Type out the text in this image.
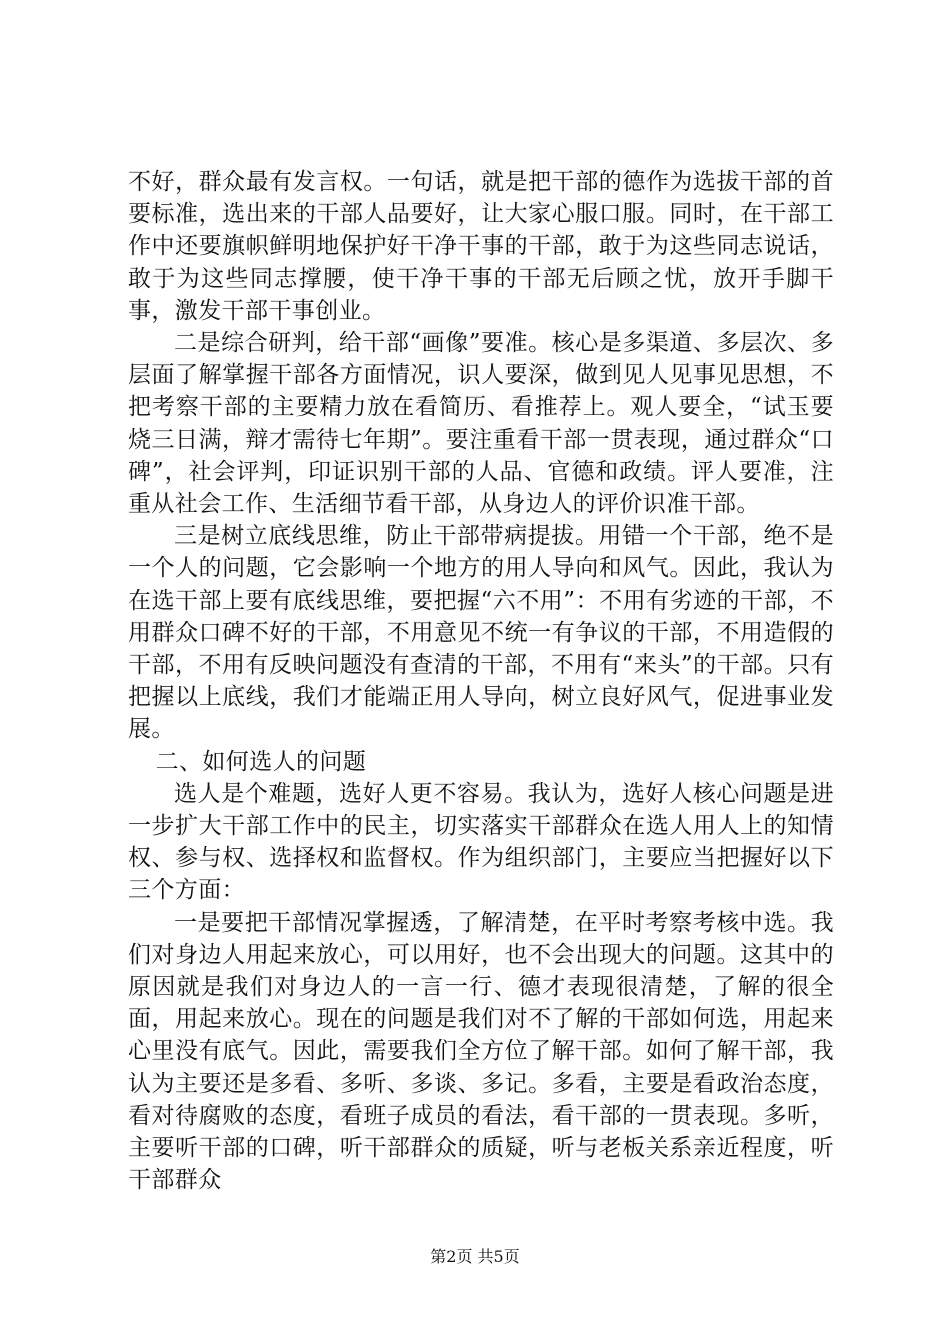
不好，群众最有发言权。一句话，就是把干部的德作为选拔干部的首要标准，选出来的干部人品要好，让大家心服口服。同时，在干部工作中还要旗帜鲜明地保护好干净干事的干部，敢于为这些同志说话，敢于为这些同志撑腰，使干净干事的干部无后顾之忧，放开手脚干事，激发干部干事创业。

二是综合研判，给干部“画像”要准。核心是多渠道、多层次、多层面了解掌握干部各方面情况，识人要深，做到见人见事见思想，不把考察干部的主要精力放在看简历、看推荐上。观人要全，“试玉要烧三日满，辩才需待七年期”。要注重看干部一贯表现，通过群众“口碑”，社会评判，印证识别干部的人品、官德和政绩。评人要准，注重从社会工作、生活细节看干部，从身边人的评价识准干部。

三是树立底线思维，防止干部带病提拔。用错一个干部，绝不是一个人的问题，它会影响一个地方的用人导向和风气。因此，我认为在选干部上要有底线思维，要把握“六不用”：不用有劣迹的干部，不用群众口碑不好的干部，不用意见不统一有争议的干部，不用造假的干部，不用有反映问题没有查清的干部，不用有“来头”的干部。只有把握以上底线，我们才能端正用人导向，树立良好风气，促进事业发展。

二、如何选人的问题

选人是个难题，选好人更不容易。我认为，选好人核心问题是进一步扩大干部工作中的民主，切实落实干部群众在选人用人上的知情权、参与权、选择权和监督权。作为组织部门，主要应当把握好以下三个方面：

一是要把干部情况掌握透，了解清楚，在平时考察考核中选。我们对身边人用起来放心，可以用好，也不会出现大的问题。这其中的原因就是我们对身边人的一言一行、德才表现很清楚，了解的很全面，用起来放心。现在的问题是我们对不了解的干部如何选，用起来心里没有底气。因此，需要我们全方位了解干部。如何了解干部，我认为主要还是多看、多听、多谈、多记。多看，主要是看政治态度，看对待腐败的态度，看班子成员的看法，看干部的一贯表现。多听，主要听干部的口碑，听干部群众的质疑，听与老板关系亲近程度，听干部群众

第2页 共5页
